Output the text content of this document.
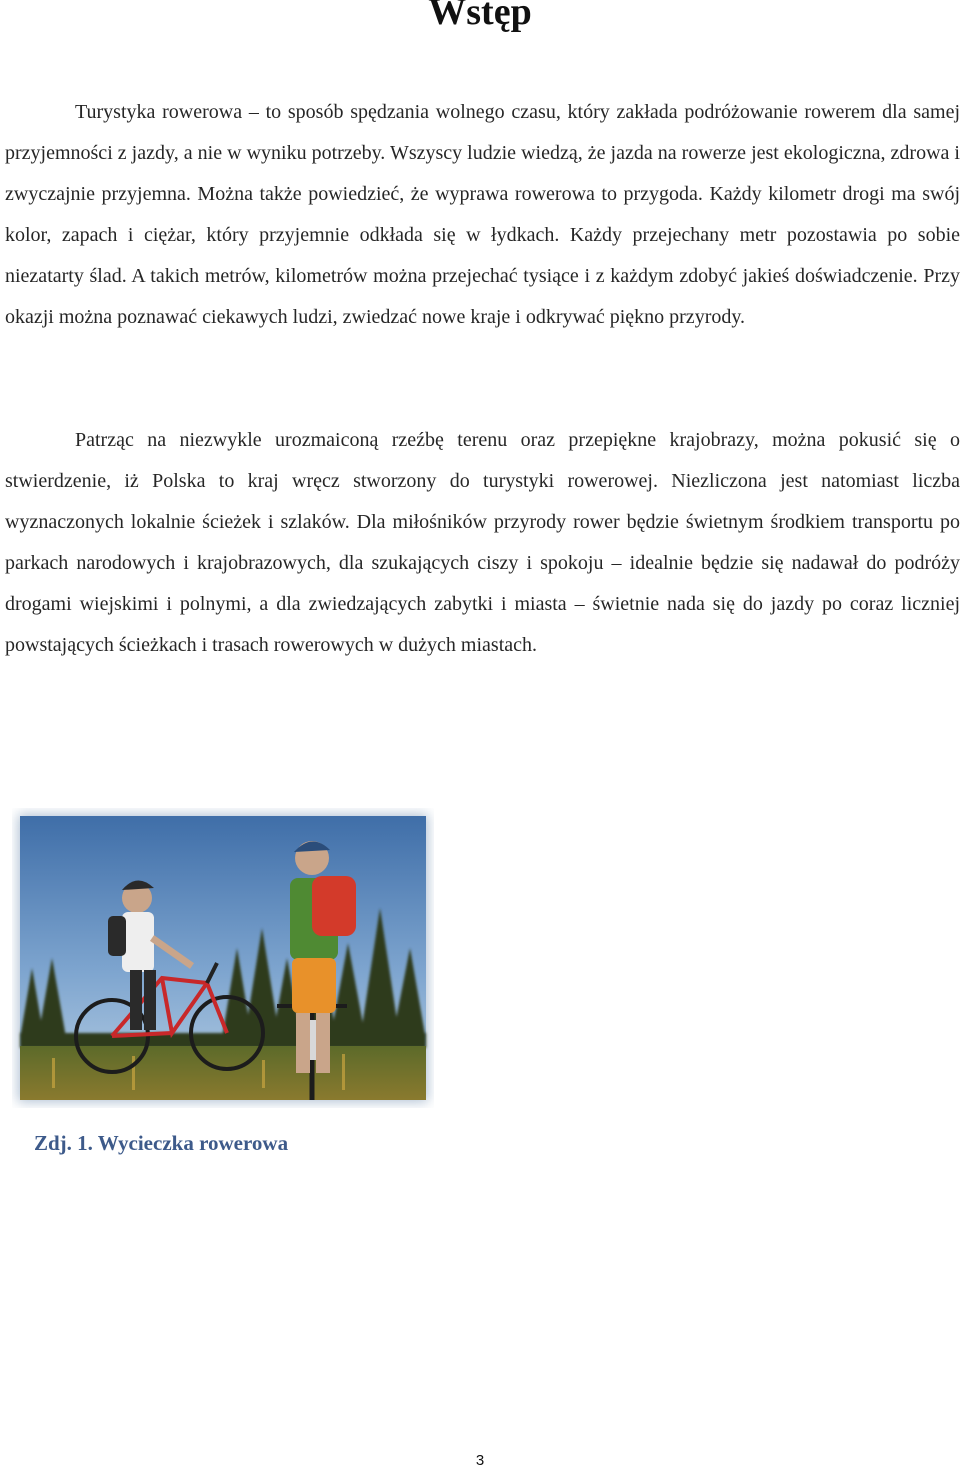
Wstęp

Turystyka rowerowa – to sposób spędzania wolnego czasu, który zakłada podróżowanie rowerem dla samej przyjemności z jazdy, a nie w wyniku potrzeby. Wszyscy ludzie wiedzą, że jazda na rowerze jest ekologiczna, zdrowa i zwyczajnie przyjemna. Można także powiedzieć, że wyprawa rowerowa to przygoda. Każdy kilometr drogi ma swój kolor, zapach i ciężar, który przyjemnie odkłada się w łydkach. Każdy przejechany metr pozostawia po sobie niezatarty ślad. A takich metrów, kilometrów można przejechać tysiące i z każdym zdobyć jakieś doświadczenie. Przy okazji można poznawać ciekawych ludzi, zwiedzać nowe kraje i odkrywać piękno przyrody.

Patrząc na niezwykle urozmaiconą rzeźbę terenu oraz przepiękne krajobrazy, można pokusić się o stwierdzenie, iż Polska to kraj wręcz stworzony do turystyki rowerowej. Niezliczona jest natomiast liczba wyznaczonych lokalnie ścieżek i szlaków. Dla miłośników przyrody rower będzie świetnym środkiem transportu po parkach narodowych i krajobrazowych, dla szukających ciszy i spokoju – idealnie będzie się nadawał do podróży drogami wiejskimi i polnymi, a dla zwiedzających zabytki i miasta – świetnie nada się do jazdy po coraz liczniej powstających ścieżkach i trasach rowerowych w dużych miastach.

Zdj. 1. Wycieczka rowerowa
3
